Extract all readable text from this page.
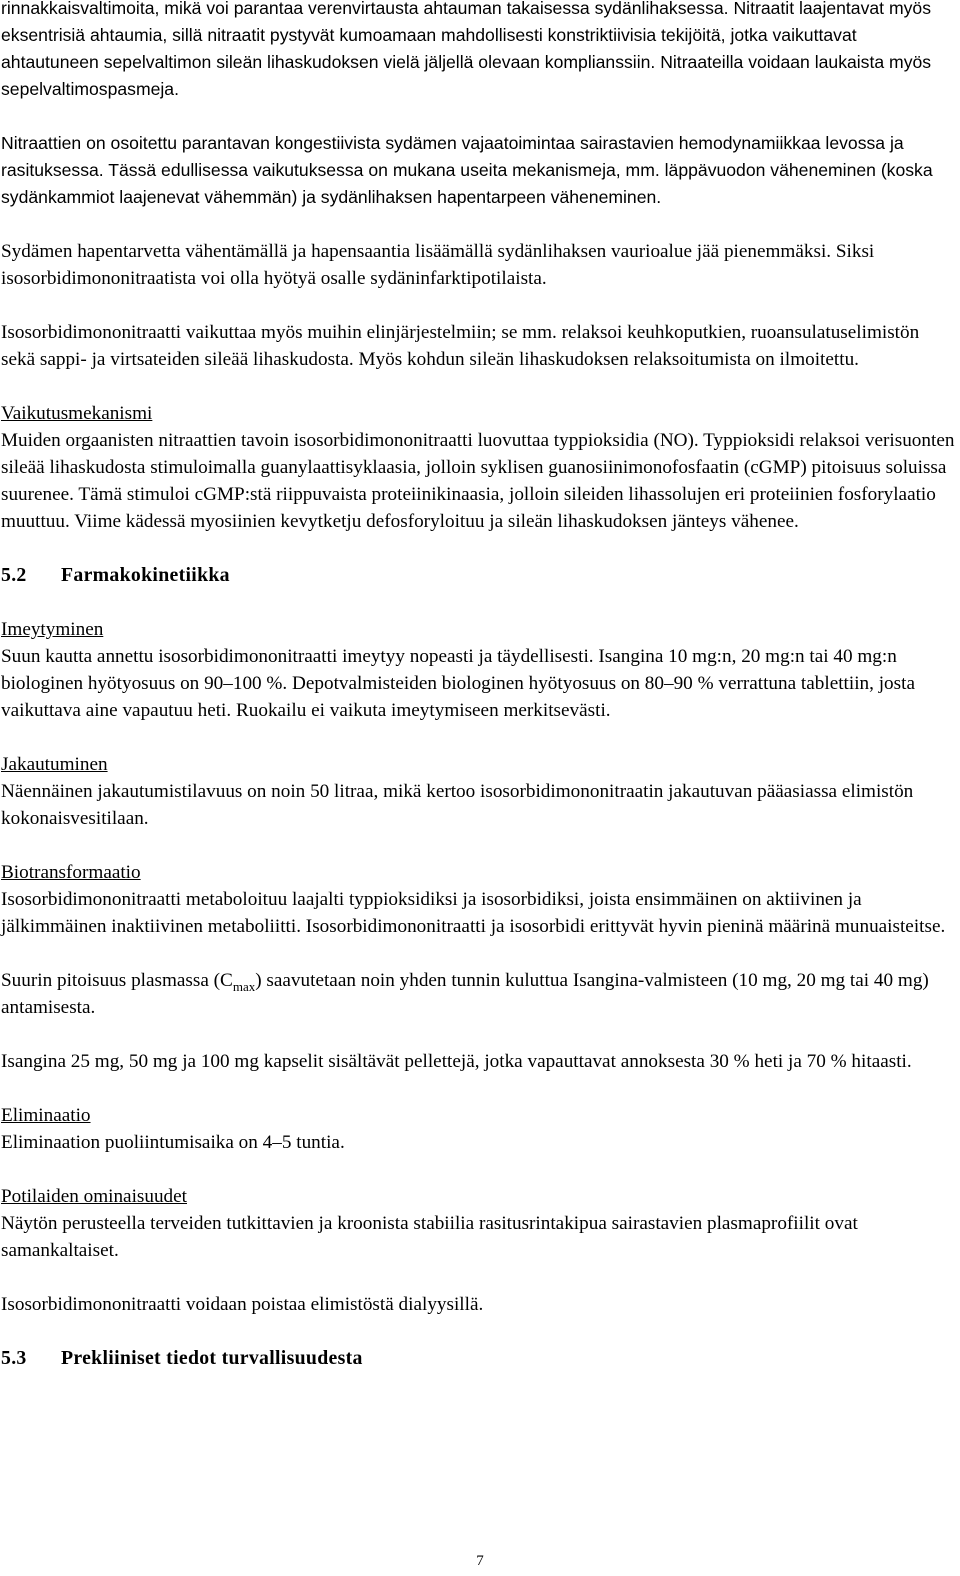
rinnakkaisvaltimoita, mikä voi parantaa verenvirtausta ahtauman takaisessa sydänlihaksessa. Nitraatit laajentavat myös eksentrisiä ahtaumia, sillä nitraatit pystyvät kumoamaan mahdollisesti konstriktiivisia tekijöitä, jotka vaikuttavat ahtautuneen sepelvaltimon sileän lihaskudoksen vielä jäljellä olevaan komplianssiin. Nitraateilla voidaan laukaista myös sepelvaltimospasmeja.

Nitraattien on osoitettu parantavan kongestiivista sydämen vajaatoimintaa sairastavien hemodynamiikkaa levossa ja rasituksessa. Tässä edullisessa vaikutuksessa on mukana useita mekanismeja, mm. läppävuodon väheneminen (koska sydänkammiot laajenevat vähemmän) ja sydänlihaksen hapentarpeen väheneminen.

Sydämen hapentarvetta vähentämällä ja hapensaantia lisäämällä sydänlihaksen vaurioalue jää pienemmäksi. Siksi isosorbidimononitraatista voi olla hyötyä osalle sydäninfarktipotilaista.

Isosorbidimononitraatti vaikuttaa myös muihin elinjärjestelmiin; se mm. relaksoi keuhkoputkien, ruoansulatuselimistön sekä sappi- ja virtsateiden sileää lihaskudosta. Myös kohdun sileän lihaskudoksen relaksoitumista on ilmoitettu.

Vaikutusmekanismi

Muiden orgaanisten nitraattien tavoin isosorbidimononitraatti luovuttaa typpioksidia (NO). Typpioksidi relaksoi verisuonten sileää lihaskudosta stimuloimalla guanylaattisyklaasia, jolloin syklisen guanosiinimonofosfaatin (cGMP) pitoisuus soluissa suurenee. Tämä stimuloi cGMP:stä riippuvaista proteiinikinaasia, jolloin sileiden lihassolujen eri proteiinien fosforylaatio muuttuu. Viime kädessä myosiinien kevytketju defosforyloituu ja sileän lihaskudoksen jänteys vähenee.

5.2 Farmakokinetiikka

Imeytyminen

Suun kautta annettu isosorbidimononitraatti imeytyy nopeasti ja täydellisesti. Isangina 10 mg:n, 20 mg:n tai 40 mg:n biologinen hyötyosuus on 90–100 %. Depotvalmisteiden biologinen hyötyosuus on 80–90 % verrattuna tablettiin, josta vaikuttava aine vapautuu heti. Ruokailu ei vaikuta imeytymiseen merkitsevästi.

Jakautuminen

Näennäinen jakautumistilavuus on noin 50 litraa, mikä kertoo isosorbidimononitraatin jakautuvan pääasiassa elimistön kokonaisvesitilaan.

Biotransformaatio

Isosorbidimononitraatti metaboloituu laajalti typpioksidiksi ja isosorbidiksi, joista ensimmäinen on aktiivinen ja jälkimmäinen inaktiivinen metaboliitti. Isosorbidimononitraatti ja isosorbidi erittyvät hyvin pieninä määrinä munuaisteitse.

Suurin pitoisuus plasmassa $(C_{max})$ saavutetaan noin yhden tunnin kuluttua Isangina-valmisteen (10 mg, 20 mg tai 40 mg) antamisesta.

Isangina 25 mg, 50 mg ja 100 mg kapselit sisältävät pellettejä, jotka vapauttavat annoksesta 30 % heti ja 70 % hitaasti.

Eliminaatio

Eliminaation puoliintumisaika on 4–5 tuntia.

Potilaiden ominaisuudet

Näytön perusteella terveiden tutkittavien ja kroonista stabiilia rasitusrintakipua sairastavien plasmaprofiilit ovat samankaltaiset.

Isosorbidimononitraatti voidaan poistaa elimistöstä dialyysillä.

5.3 Prekliiniset tiedot turvallisuudesta
7
